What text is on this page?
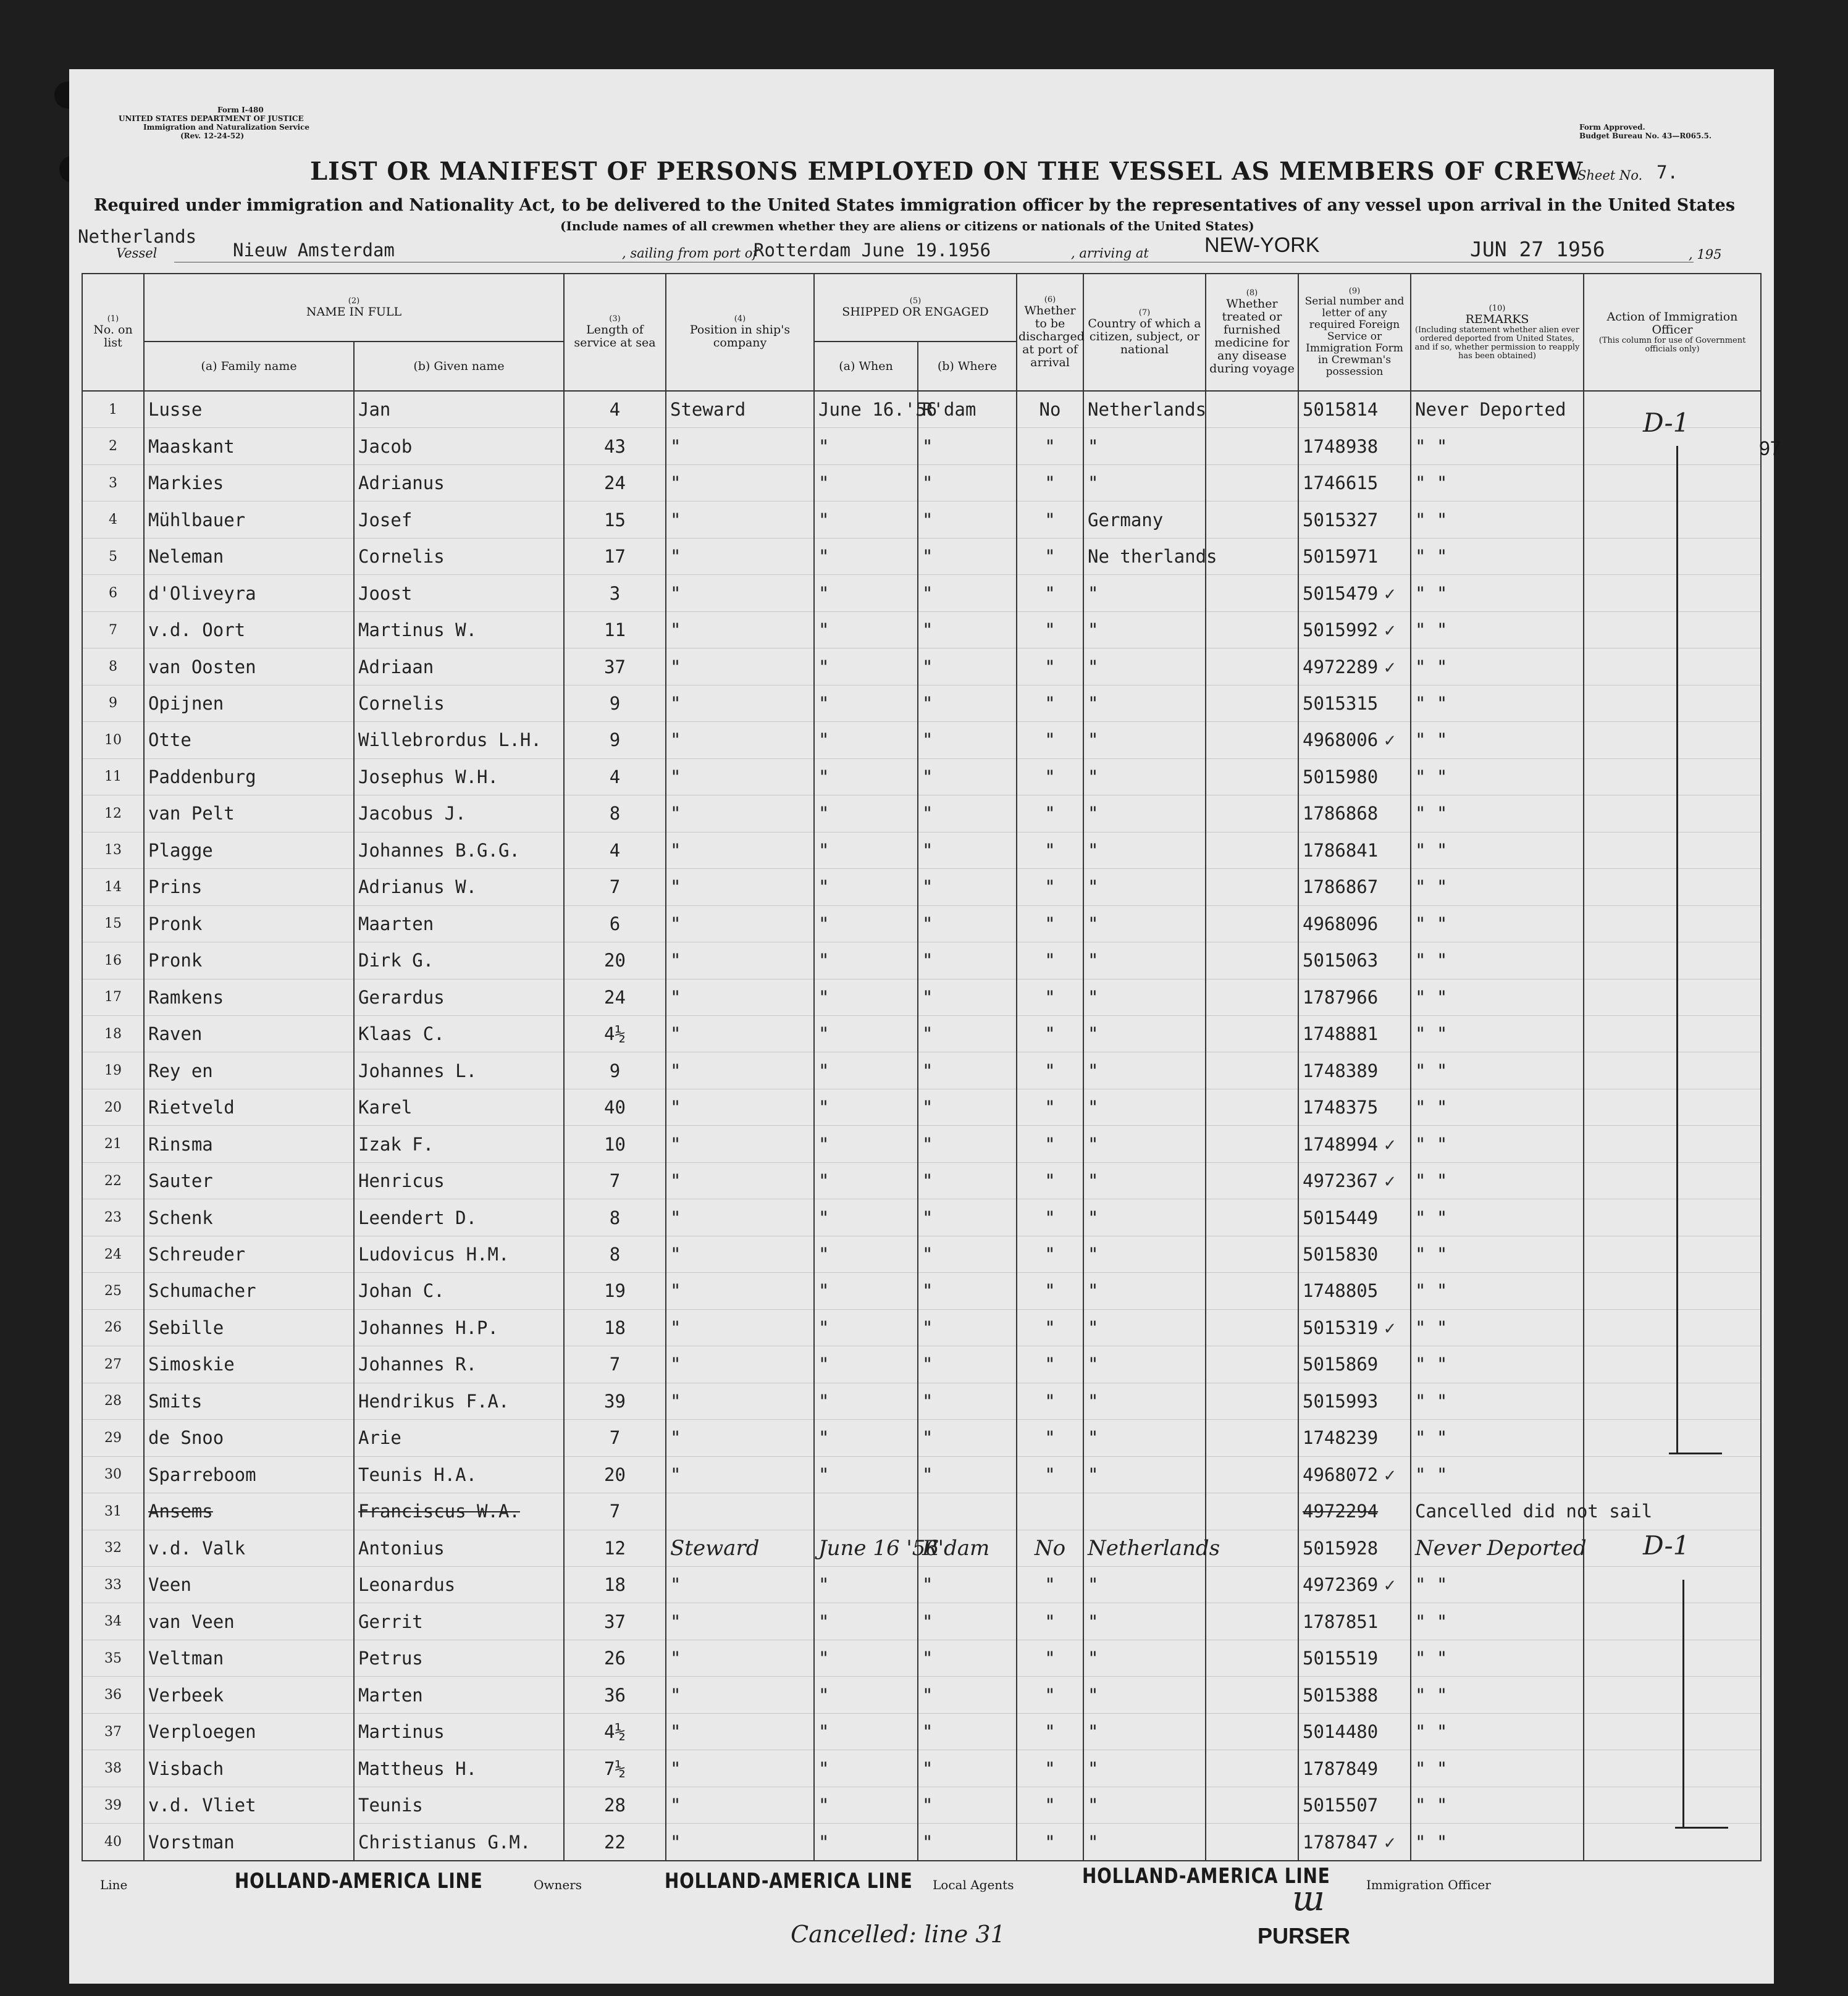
Form I-480
UNITED STATES DEPARTMENT OF JUSTICE
Immigration and Naturalization Service
(Rev. 12-24-52)
Form Approved.
Budget Bureau No. 43—R065.5.
LIST OR MANIFEST OF PERSONS EMPLOYED ON THE VESSEL AS MEMBERS OF CREW
Sheet No. 7.
Required under immigration and Nationality Act, to be delivered to the United States immigration officer by the representatives of any vessel upon arrival in the United States
(Include names of all crewmen whether they are aliens or citizens or nationals of the United States)
Netherlands
Vessel	Nieuw Amsterdam	, sailing from port of
Rotterdam June 19.1956	, arriving at	NEW-YORK	JUN 27 1956	, 195
(1)
No. on list	(2)
NAME IN FULL		(3)
Length of service at sea	(4)
Position in ship's company	(5)
SHIPPED OR ENGAGED		(6)
Whether to be discharged at port of arrival	(7)
Country of which a citizen, subject, or national	(8)
Whether treated or furnished medicine for any disease during voyage	(9)
Serial number and letter of any required Foreign Service or Immigration Form in Crewman's possession	(10)
REMARKS
(Including statement whether alien ever ordered deported from United States, and if so, whether permission to reapply has been obtained)	Action of Immigration Officer
(This column for use of Government officials only)

	(a) Family name	(b) Given name			(a) When	(b) Where						
1	Lusse	Jan	4	Steward	June 16.'56	R'dam	No	Netherlands		5015814	Never Deported	
2	Maaskant	Jacob	43	"	"	"	"	"		1748938	" "	
3	Markies	Adrianus	24	"	"	"	"	"		1746615	" "	
4	Mühlbauer	Josef	15	"	"	"	"	Germany		5015327	" "	
5	Neleman	Cornelis	17	"	"	"	"	Ne therlands		5015971	" "	
6	d'Oliveyra	Joost	3	"	"	"	"	"		5015479 ✓	" "	
7	v.d. Oort	Martinus W.	11	"	"	"	"	"		5015992 ✓	" "	
8	van Oosten	Adriaan	37	"	"	"	"	"		4972289 ✓	" "	
9	Opijnen	Cornelis	9	"	"	"	"	"		5015315	" "	
10	Otte	Willebrordus L.H.	9	"	"	"	"	"		4968006 ✓	" "	
11	Paddenburg	Josephus W.H.	4	"	"	"	"	"		5015980	" "	
12	van Pelt	Jacobus J.	8	"	"	"	"	"		1786868	" "	
13	Plagge	Johannes B.G.G.	4	"	"	"	"	"		1786841	" "	
14	Prins	Adrianus W.	7	"	"	"	"	"		1786867	" "	
15	Pronk	Maarten	6	"	"	"	"	"		4968096	" "	
16	Pronk	Dirk G.	20	"	"	"	"	"		5015063	" "	
17	Ramkens	Gerardus	24	"	"	"	"	"		1787966	" "	
18	Raven	Klaas C.	4½	"	"	"	"	"		1748881	" "	
19	Rey en	Johannes L.	9	"	"	"	"	"		1748389	" "	
20	Rietveld	Karel	40	"	"	"	"	"		1748375	" "	
21	Rinsma	Izak F.	10	"	"	"	"	"		1748994 ✓	" "	
22	Sauter	Henricus	7	"	"	"	"	"		4972367 ✓	" "	
23	Schenk	Leendert D.	8	"	"	"	"	"		5015449	" "	
24	Schreuder	Ludovicus H.M.	8	"	"	"	"	"		5015830	" "	
25	Schumacher	Johan C.	19	"	"	"	"	"		1748805	" "	
26	Sebille	Johannes H.P.	18	"	"	"	"	"		5015319 ✓	" "	
27	Simoskie	Johannes R.	7	"	"	"	"	"		5015869	" "	
28	Smits	Hendrikus F.A.	39	"	"	"	"	"		5015993	" "	
29	de Snoo	Arie	7	"	"	"	"	"		1748239	" "	
30	Sparreboom	Teunis H.A.	20	"	"	"	"	"		4968072 ✓	" "	
31	Ansems	Franciscus W.A.	7							4972294	Cancelled did not sail	
32	v.d. Valk	Antonius	12	Steward	June 16 '56	R'dam	No	Netherlands		5015928	Never Deported	
33	Veen	Leonardus	18	"	"	"	"	"		4972369 ✓	" "	
34	van Veen	Gerrit	37	"	"	"	"	"		1787851	" "	
35	Veltman	Petrus	26	"	"	"	"	"		5015519	" "	
36	Verbeek	Marten	36	"	"	"	"	"		5015388	" "	
37	Verploegen	Martinus	4½	"	"	"	"	"		5014480	" "	
38	Visbach	Mattheus H.	7½	"	"	"	"	"		1787849	" "	
39	v.d. Vliet	Teunis	28	"	"	"	"	"		5015507	" "	
40	Vorstman	Christianus G.M.	22	"	"	"	"	"		1787847 ✓	" "	
D-1
97
D-1
Line	HOLLAND-AMERICA LINE	Owners	HOLLAND-AMERICA LINE Local Agents	HOLLAND-AMERICA LINE	Immigration Officer
ɯ
PURSER
Cancelled: line 31
